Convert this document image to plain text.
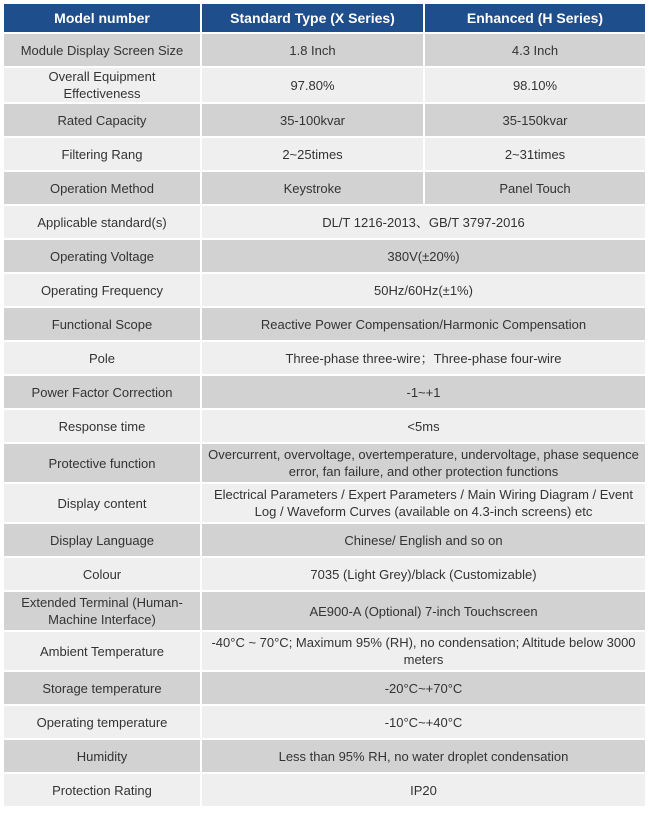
Model number	Standard Type (X Series)	Enhanced (H Series)
Module Display Screen Size	1.8 Inch	4.3 Inch
Overall Equipment Effectiveness	97.80%	98.10%
Rated Capacity	35-100kvar	35-150kvar
Filtering Rang	2~25times	2~31times
Operation Method	Keystroke	Panel Touch
Applicable standard(s)	DL/T 1216-2013、GB/T 3797-2016	
Operating Voltage	380V(±20%)	
Operating Frequency	50Hz/60Hz(±1%)	
Functional Scope	Reactive Power Compensation/Harmonic Compensation	
Pole	Three-phase three-wire；Three-phase four-wire	
Power Factor Correction	-1~+1	
Response time	<5ms	
Protective function	Overcurrent, overvoltage, overtemperature, undervoltage, phase sequence error, fan failure, and other protection functions	
Display content	Electrical Parameters / Expert Parameters / Main Wiring Diagram / Event Log / Waveform Curves (available on 4.3-inch screens) etc	
Display Language	Chinese/ English and so on	
Colour	7035 (Light Grey)/black (Customizable)	
Extended Terminal (Human-Machine Interface)	AE900-A (Optional) 7-inch Touchscreen	
Ambient Temperature	-40°C ~ 70°C; Maximum 95% (RH), no condensation; Altitude below 3000 meters	
Storage temperature	-20°C~+70°C	
Operating temperature	-10°C~+40°C	
Humidity	Less than 95% RH, no water droplet condensation	
Protection Rating	IP20	
